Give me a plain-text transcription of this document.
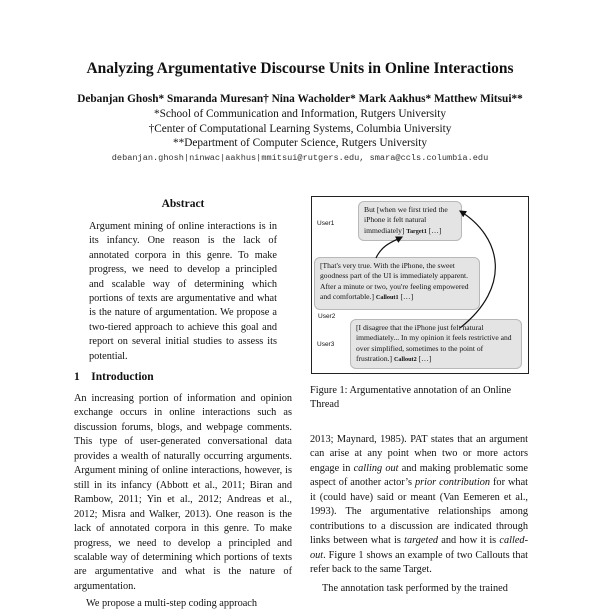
Analyzing Argumentative Discourse Units in Online Interactions
Debanjan Ghosh* Smaranda Muresan† Nina Wacholder* Mark Aakhus* Matthew Mitsui**
*School of Communication and Information, Rutgers University
†Center of Computational Learning Systems, Columbia University
**Department of Computer Science, Rutgers University
debanjan.ghosh|ninwac|aakhus|mmitsui@rutgers.edu, smara@ccls.columbia.edu
Abstract
Argument mining of online interactions is in its infancy. One reason is the lack of annotated corpora in this genre. To make progress, we need to develop a principled and scalable way of determining which portions of texts are argumentative and what is the nature of argumentation. We propose a two-tiered approach to achieve this goal and report on several initial studies to assess its potential.
1    Introduction

An increasing portion of information and opinion exchange occurs in online interactions such as discussion forums, blogs, and webpage comments. This type of user-generated conversational data provides a wealth of naturally occurring arguments. Argument mining of online interactions, however, is still in its infancy (Abbott et al., 2011; Biran and Rambow, 2011; Yin et al., 2012; Andreas et al., 2012; Misra and Walker, 2013). One reason is the lack of annotated corpora in this genre. To make progress, we need to develop a principled and scalable way of determining which portions of texts are argumentative and what is the nature of argumentation.

We propose a multi-step coding approach

User1
But [when we first tried the iPhone it felt natural immediately] Target1 […]
[That's very true. With the iPhone, the sweet goodness part of the UI is immediately apparent. After a minute or two, you're feeling empowered and comfortable.] Callout1 […]
User2
User3
[I disagree that the iPhone just felt natural immediately... In my opinion it feels restrictive and over simplified, sometimes to the point of frustration.] Callout2 […]
Figure 1: Argumentative annotation of an Online Thread

2013; Maynard, 1985). PAT states that an argument can arise at any point when two or more actors engage in calling out and making problematic some aspect of another actor’s prior contribution for what it (could have) said or meant (Van Eemeren et al., 1993). The argumentative relationships among contributions to a discussion are indicated through links between what is targeted and how it is called-out. Figure 1 shows an example of two Callouts that refer back to the same Target.

The annotation task performed by the trained
